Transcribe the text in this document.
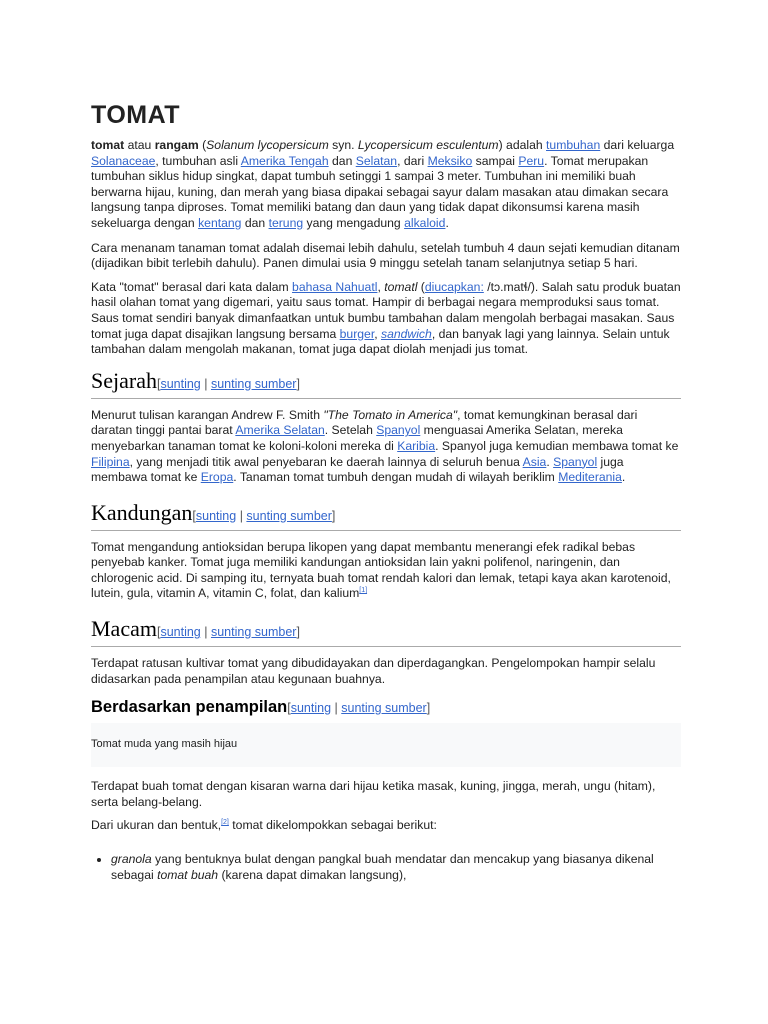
TOMAT

tomat atau rangam (Solanum lycopersicum syn. Lycopersicum esculentum) adalah tumbuhan dari keluarga Solanaceae, tumbuhan asli Amerika Tengah dan Selatan, dari Meksiko sampai Peru. Tomat merupakan tumbuhan siklus hidup singkat, dapat tumbuh setinggi 1 sampai 3 meter. Tumbuhan ini memiliki buah berwarna hijau, kuning, dan merah yang biasa dipakai sebagai sayur dalam masakan atau dimakan secara langsung tanpa diproses. Tomat memiliki batang dan daun yang tidak dapat dikonsumsi karena masih sekeluarga dengan kentang dan terung yang mengadung alkaloid.

Cara menanam tanaman tomat adalah disemai lebih dahulu, setelah tumbuh 4 daun sejati kemudian ditanam (dijadikan bibit terlebih dahulu). Panen dimulai usia 9 minggu setelah tanam selanjutnya setiap 5 hari.

Kata "tomat" berasal dari kata dalam bahasa Nahuatl, tomatl (diucapkan: /tɔ.matɬ/). Salah satu produk buatan hasil olahan tomat yang digemari, yaitu saus tomat. Hampir di berbagai negara memproduksi saus tomat. Saus tomat sendiri banyak dimanfaatkan untuk bumbu tambahan dalam mengolah berbagai masakan. Saus tomat juga dapat disajikan langsung bersama burger, sandwich, dan banyak lagi yang lainnya. Selain untuk tambahan dalam mengolah makanan, tomat juga dapat diolah menjadi jus tomat.

Sejarah[sunting | sunting sumber]

Menurut tulisan karangan Andrew F. Smith "The Tomato in America", tomat kemungkinan berasal dari daratan tinggi pantai barat Amerika Selatan. Setelah Spanyol menguasai Amerika Selatan, mereka menyebarkan tanaman tomat ke koloni-koloni mereka di Karibia. Spanyol juga kemudian membawa tomat ke Filipina, yang menjadi titik awal penyebaran ke daerah lainnya di seluruh benua Asia. Spanyol juga membawa tomat ke Eropa. Tanaman tomat tumbuh dengan mudah di wilayah beriklim Mediterania.

Kandungan[sunting | sunting sumber]

Tomat mengandung antioksidan berupa likopen yang dapat membantu menerangi efek radikal bebas penyebab kanker. Tomat juga memiliki kandungan antioksidan lain yakni polifenol, naringenin, dan chlorogenic acid. Di samping itu, ternyata buah tomat rendah kalori dan lemak, tetapi kaya akan karotenoid, lutein, gula, vitamin A, vitamin C, folat, dan kalium[1]

Macam[sunting | sunting sumber]

Terdapat ratusan kultivar tomat yang dibudidayakan dan diperdagangkan. Pengelompokan hampir selalu didasarkan pada penampilan atau kegunaan buahnya.

Berdasarkan penampilan[sunting | sunting sumber]

Tomat muda yang masih hijau

Terdapat buah tomat dengan kisaran warna dari hijau ketika masak, kuning, jingga, merah, ungu (hitam), serta belang-belang.

Dari ukuran dan bentuk,[2] tomat dikelompokkan sebagai berikut:

• granola yang bentuknya bulat dengan pangkal buah mendatar dan mencakup yang biasanya dikenal sebagai tomat buah (karena dapat dimakan langsung),
